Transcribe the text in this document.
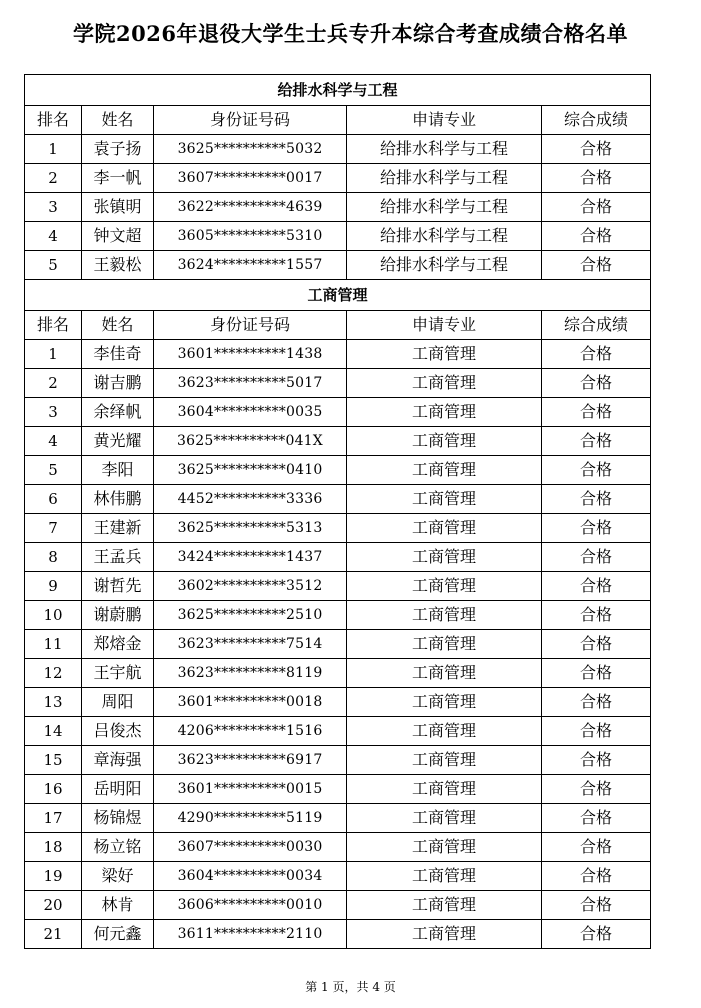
学院2026年退役大学生士兵专升本综合考查成绩合格名单
给排水科学与工程				
排名	姓名	身份证号码	申请专业	综合成绩
1	袁子扬	3625**********5032	给排水科学与工程	合格
2	李一帆	3607**********0017	给排水科学与工程	合格
3	张镇明	3622**********4639	给排水科学与工程	合格
4	钟文超	3605**********5310	给排水科学与工程	合格
5	王毅松	3624**********1557	给排水科学与工程	合格
工商管理				
排名	姓名	身份证号码	申请专业	综合成绩
1	李佳奇	3601**********1438	工商管理	合格
2	谢吉鹏	3623**********5017	工商管理	合格
3	余绎帆	3604**********0035	工商管理	合格
4	黄光耀	3625**********041X	工商管理	合格
5	李阳	3625**********0410	工商管理	合格
6	林伟鹏	4452**********3336	工商管理	合格
7	王建新	3625**********5313	工商管理	合格
8	王孟兵	3424**********1437	工商管理	合格
9	谢哲先	3602**********3512	工商管理	合格
10	谢蔚鹏	3625**********2510	工商管理	合格
11	郑熔金	3623**********7514	工商管理	合格
12	王宇航	3623**********8119	工商管理	合格
13	周阳	3601**********0018	工商管理	合格
14	吕俊杰	4206**********1516	工商管理	合格
15	章海强	3623**********6917	工商管理	合格
16	岳明阳	3601**********0015	工商管理	合格
17	杨锦煜	4290**********5119	工商管理	合格
18	杨立铭	3607**********0030	工商管理	合格
19	梁好	3604**********0034	工商管理	合格
20	林肯	3606**********0010	工商管理	合格
21	何元鑫	3611**********2110	工商管理	合格
第 1 页，共 4 页
